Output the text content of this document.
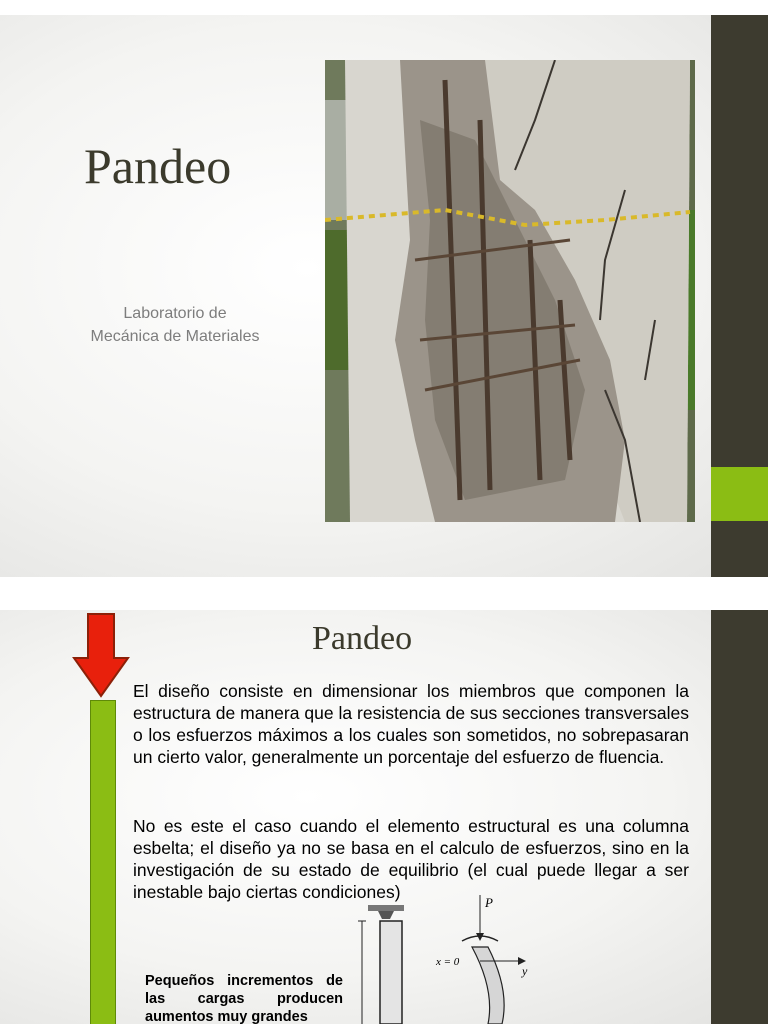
Pandeo
Laboratorio de
Mecánica de Materiales
Pandeo

El diseño consiste en dimensionar los miembros que componen la estructura de manera que la resistencia de sus secciones transversales o los esfuerzos máximos a los cuales son sometidos, no sobrepasaran un cierto valor, generalmente un porcentaje del esfuerzo de fluencia.

No es este el caso cuando el elemento estructural es una columna esbelta; el diseño ya no se basa en el calculo de esfuerzos, sino en la investigación de su estado de equilibrio (el cual puede llegar a ser inestable bajo ciertas condiciones)

Pequeños incrementos de las cargas producen aumentos muy grandes

P
y
x = 0
